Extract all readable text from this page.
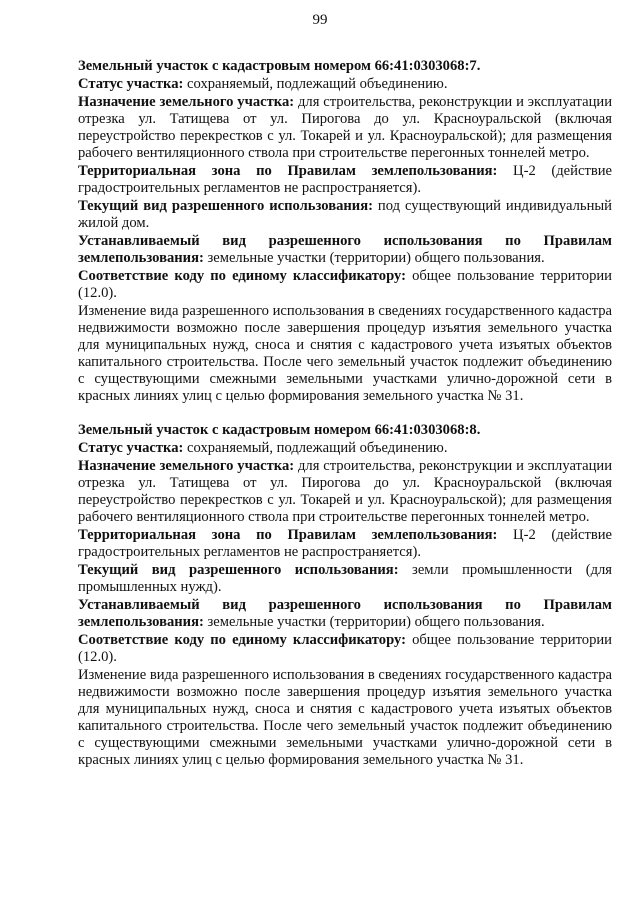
99

Земельный участок с кадастровым номером 66:41:0303068:7.

Статус участка: сохраняемый, подлежащий объединению.

Назначение земельного участка: для строительства, реконструкции и эксплуатации отрезка ул. Татищева от ул. Пирогова до ул. Красноуральской (включая переустройство перекрестков с ул. Токарей и ул. Красноуральской); для размещения рабочего вентиляционного ствола при строительстве перегонных тоннелей метро.

Территориальная зона по Правилам землепользования: Ц-2 (действие градостроительных регламентов не распространяется).

Текущий вид разрешенного использования: под существующий индивидуальный жилой дом.

Устанавливаемый вид разрешенного использования по Правилам землепользования: земельные участки (территории) общего пользования.

Соответствие коду по единому классификатору: общее пользование территории (12.0).

Изменение вида разрешенного использования в сведениях государственного кадастра недвижимости возможно после завершения процедур изъятия земельного участка для муниципальных нужд, сноса и снятия с кадастрового учета изъятых объектов капитального строительства. После чего земельный участок подлежит объединению с существующими смежными земельными участками улично-дорожной сети в красных линиях улиц с целью формирования земельного участка № 31.

Земельный участок с кадастровым номером 66:41:0303068:8.

Статус участка: сохраняемый, подлежащий объединению.

Назначение земельного участка: для строительства, реконструкции и эксплуатации отрезка ул. Татищева от ул. Пирогова до ул. Красноуральской (включая переустройство перекрестков с ул. Токарей и ул. Красноуральской); для размещения рабочего вентиляционного ствола при строительстве перегонных тоннелей метро.

Территориальная зона по Правилам землепользования: Ц-2 (действие градостроительных регламентов не распространяется).

Текущий вид разрешенного использования: земли промышленности (для промышленных нужд).

Устанавливаемый вид разрешенного использования по Правилам землепользования: земельные участки (территории) общего пользования.

Соответствие коду по единому классификатору: общее пользование территории (12.0).

Изменение вида разрешенного использования в сведениях государственного кадастра недвижимости возможно после завершения процедур изъятия земельного участка для муниципальных нужд, сноса и снятия с кадастрового учета изъятых объектов капитального строительства. После чего земельный участок подлежит объединению с существующими смежными земельными участками улично-дорожной сети в красных линиях улиц с целью формирования земельного участка № 31.
